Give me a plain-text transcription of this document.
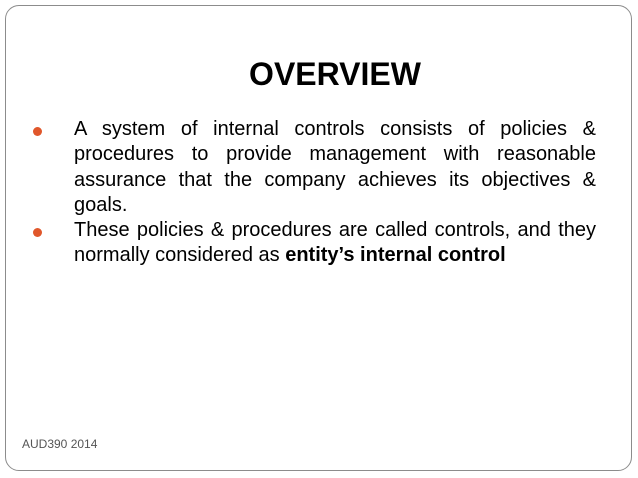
OVERVIEW
A system of internal controls consists of policies & procedures to provide management with reasonable assurance that the company achieves its objectives & goals.
These policies & procedures are called controls, and they normally considered as entity’s internal control
AUD390 2014
